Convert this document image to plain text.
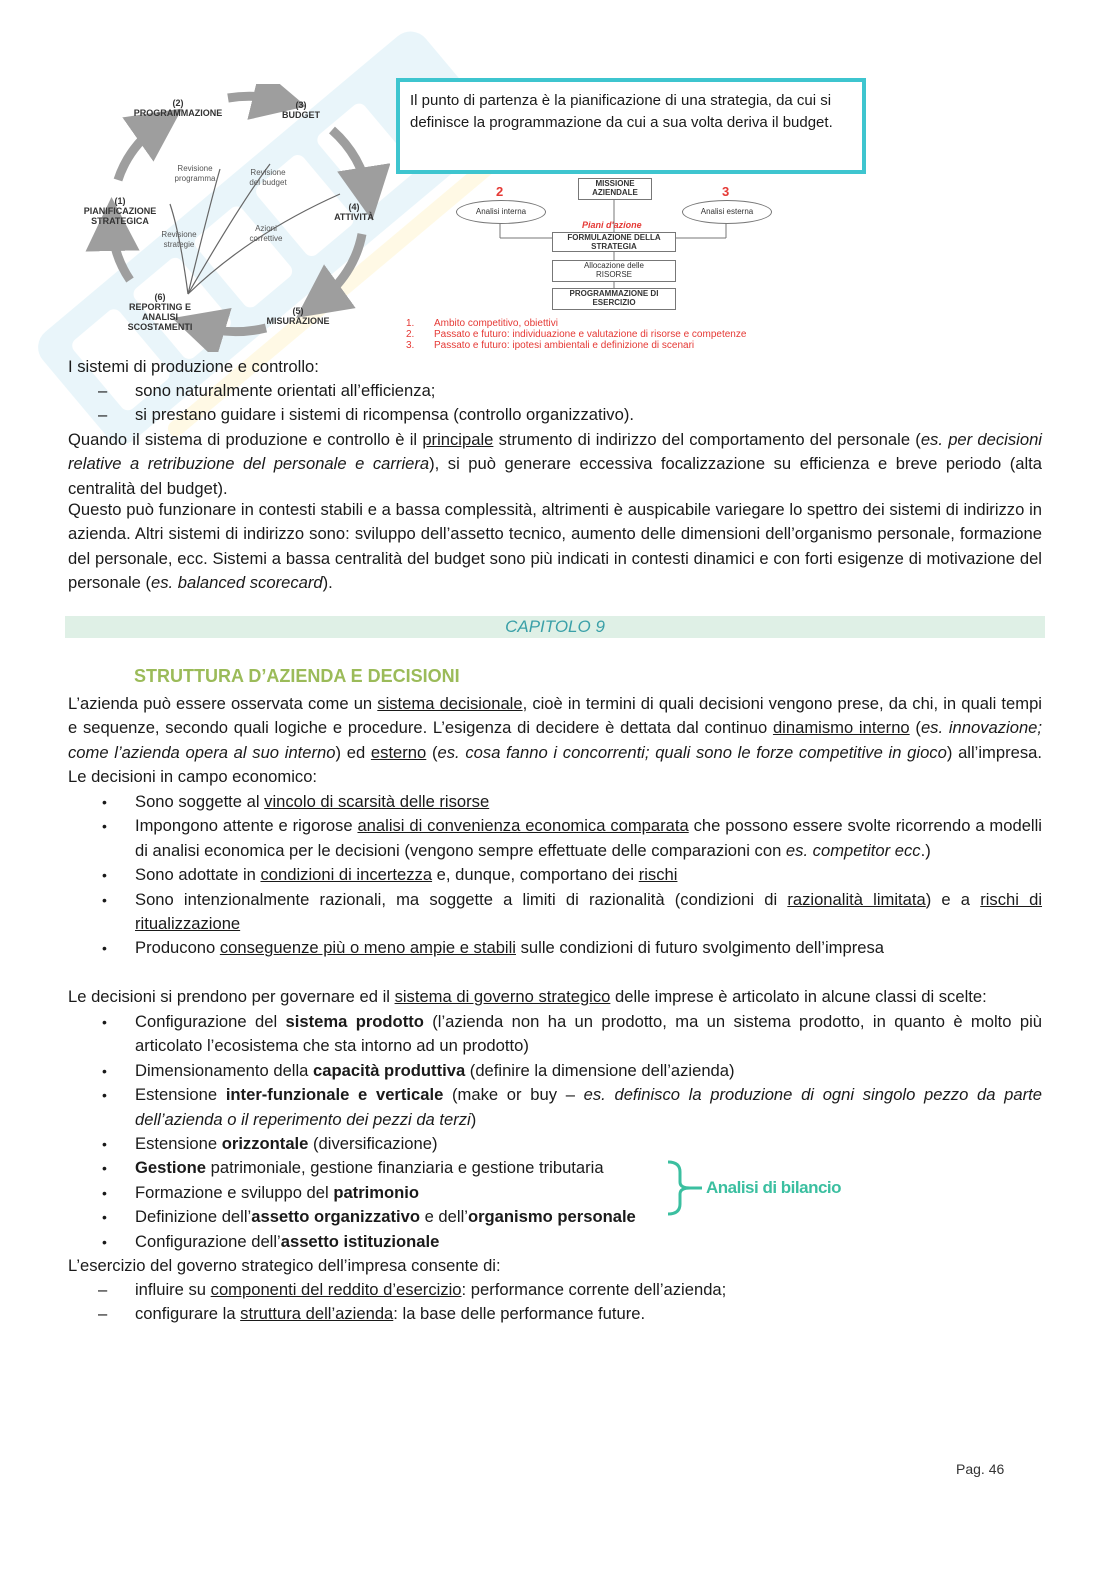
(2)
PROGRAMMAZIONE
(3)
BUDGET
(4)
ATTIVITÀ
(5)
MISURAZIONE
(6)
REPORTING E
ANALISI
SCOSTAMENTI
(1)
PIANIFICAZIONE
STRATEGICA
Revisione
programma
Revisione
del budget
Azioni
correttive
Revisione
strategie
Il punto di partenza è la pianificazione di una strategia, da cui si definisce la programmazione da cui a sua volta deriva il budget.
2	3
MISSIONE
AZIENDALE
Analisi interna	Analisi esterna
Piani d'azione
FORMULAZIONE DELLA
STRATEGIA
Allocazione delle
RISORSE
PROGRAMMAZIONE DI
ESERCIZIO
1. Ambito competitivo, obiettivi
2. Passato e futuro: individuazione e valutazione di risorse e competenze
3. Passato e futuro: ipotesi ambientali e definizione di scenari
I sistemi di produzione e controllo:
– sono naturalmente orientati all’efficienza;
– si prestano guidare i sistemi di ricompensa (controllo organizzativo).
Quando il sistema di produzione e controllo è il principale strumento di indirizzo del comportamento del personale (es. per decisioni relative a retribuzione del personale e carriera), si può generare eccessiva focalizzazione su efficienza e breve periodo (alta centralità del budget).
Questo può funzionare in contesti stabili e a bassa complessità, altrimenti è auspicabile variegare lo spettro dei sistemi di indirizzo in azienda. Altri sistemi di indirizzo sono: sviluppo dell’assetto tecnico, aumento delle dimensioni dell’organismo personale, formazione del personale, ecc. Sistemi a bassa centralità del budget sono più indicati in contesti dinamici e con forti esigenze di motivazione del personale (es. balanced scorecard).
CAPITOLO 9
STRUTTURA D’AZIENDA E DECISIONI
L’azienda può essere osservata come un sistema decisionale, cioè in termini di quali decisioni vengono prese, da chi, in quali tempi e sequenze, secondo quali logiche e procedure. L’esigenza di decidere è dettata dal continuo dinamismo interno (es. innovazione; come l’azienda opera al suo interno) ed esterno (es. cosa fanno i concorrenti; quali sono le forze competitive in gioco) all’impresa. Le decisioni in campo economico:
• Sono soggette al vincolo di scarsità delle risorse
• Impongono attente e rigorose analisi di convenienza economica comparata che possono essere svolte ricorrendo a modelli di analisi economica per le decisioni (vengono sempre effettuate delle comparazioni con es. competitor ecc.)
• Sono adottate in condizioni di incertezza e, dunque, comportano dei rischi
• Sono intenzionalmente razionali, ma soggette a limiti di razionalità (condizioni di razionalità limitata) e a rischi di ritualizzazione
• Producono conseguenze più o meno ampie e stabili sulle condizioni di futuro svolgimento dell’impresa
Le decisioni si prendono per governare ed il sistema di governo strategico delle imprese è articolato in alcune classi di scelte:
• Configurazione del sistema prodotto (l’azienda non ha un prodotto, ma un sistema prodotto, in quanto è molto più articolato l’ecosistema che sta intorno ad un prodotto)
• Dimensionamento della capacità produttiva (definire la dimensione dell’azienda)
• Estensione inter-funzionale e verticale (make or buy – es. definisco la produzione di ogni singolo pezzo da parte dell’azienda o il reperimento dei pezzi da terzi)
• Estensione orizzontale (diversificazione)
• Gestione patrimoniale, gestione finanziaria e gestione tributaria
• Formazione e sviluppo del patrimonio
• Definizione dell’assetto organizzativo e dell’organismo personale
• Configurazione dell’assetto istituzionale
Analisi di bilancio
L’esercizio del governo strategico dell’impresa consente di:
– influire su componenti del reddito d’esercizio: performance corrente dell’azienda;
– configurare la struttura dell’azienda: la base delle performance future.
Pag. 46
